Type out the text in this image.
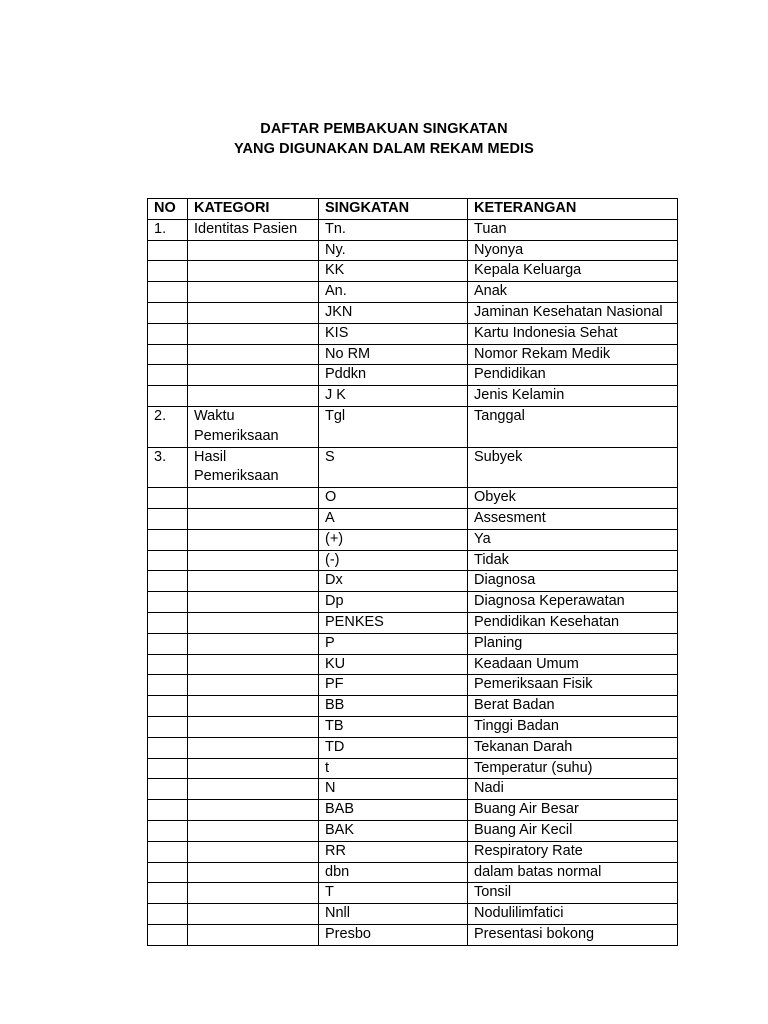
DAFTAR PEMBAKUAN SINGKATAN
YANG DIGUNAKAN DALAM REKAM MEDIS
NO	KATEGORI	SINGKATAN	KETERANGAN
1.	Identitas Pasien	Tn.	Tuan
		Ny.	Nyonya
		KK	Kepala Keluarga
		An.	Anak
		JKN	Jaminan Kesehatan Nasional
		KIS	Kartu Indonesia Sehat
		No RM	Nomor Rekam Medik
		Pddkn	Pendidikan
		J K	Jenis Kelamin
2.	Waktu Pemeriksaan	Tgl	Tanggal
3.	Hasil Pemeriksaan	S	Subyek
		O	Obyek
		A	Assesment
		(+)	Ya
		(-)	Tidak
		Dx	Diagnosa
		Dp	Diagnosa Keperawatan
		PENKES	Pendidikan Kesehatan
		P	Planing
		KU	Keadaan Umum
		PF	Pemeriksaan Fisik
		BB	Berat Badan
		TB	Tinggi Badan
		TD	Tekanan Darah
		t	Temperatur (suhu)
		N	Nadi
		BAB	Buang Air Besar
		BAK	Buang Air Kecil
		RR	Respiratory Rate
		dbn	dalam batas normal
		T	Tonsil
		Nnll	Nodulilimfatici
		Presbo	Presentasi bokong
